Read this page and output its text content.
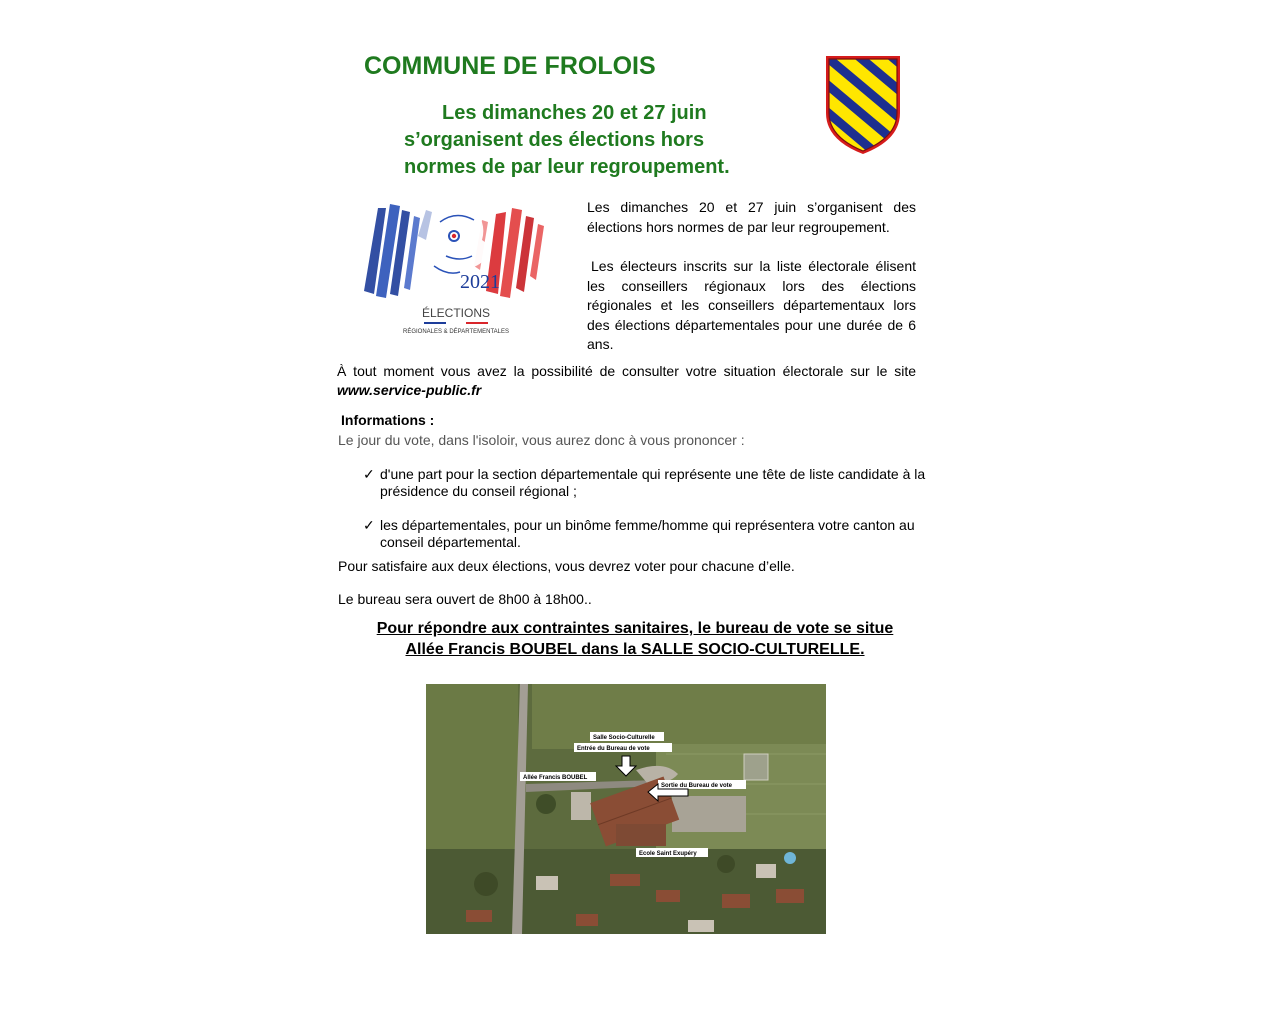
COMMUNE DE FROLOIS
Les dimanches 20 et 27 juin
s’organisent des élections hors
normes de par leur regroupement.
2021
ÉLECTIONS
RÉGIONALES & DÉPARTEMENTALES

Les dimanches 20 et 27 juin s’organisent des élections hors normes de par leur regroupement.

Les électeurs inscrits sur la liste électorale élisent les conseillers régionaux lors des élections régionales et les conseillers départementaux lors des élections départementales pour une durée de 6 ans.

À tout moment vous avez la possibilité de consulter votre situation électorale sur le site www.service-public.fr
Informations :
Le jour du vote, dans l'isoloir, vous aurez donc à vous prononcer :
✓ d'une part pour la section départementale qui représente une tête de liste candidate à la présidence du conseil régional ;
✓ les départementales, pour un binôme femme/homme qui représentera votre canton au conseil départemental.
Pour satisfaire aux deux élections, vous devrez voter pour chacune d’elle.
Le bureau sera ouvert de 8h00 à 18h00..
Pour répondre aux contraintes sanitaires, le bureau de vote se situe
Allée Francis BOUBEL dans la SALLE SOCIO-CULTURELLE.
Salle Socio-Culturelle
Entrée du Bureau de vote
Allée Francis BOUBEL
Sortie du Bureau de vote
Ecole Saint Exupéry
